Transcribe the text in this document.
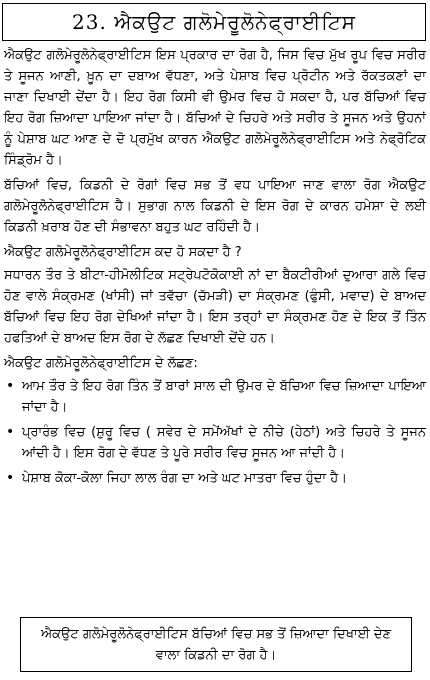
23. ਐਕਉਟ ਗਲੋਮੇਰੂਲੋਨੇਫ੍ਰਾਈਟਿਸ

ਐਕਉਟ ਗਲੋਮੇਰੂਲੋਨੇਫ੍ਰਾਈਟਿਸ ਇਸ ਪ੍ਰਕਾਰ ਦਾ ਰੋਗ ਹੈ, ਜਿਸ ਵਿਚ ਮੁੱਖ ਰੂਪ ਵਿਚ ਸਰੀਰ ਤੇ ਸੂਜਨ ਆਣੀ, ਖ਼ੂਨ ਦਾ ਦਬਾਅ ਵੱਧਣਾ, ਅਤੇ ਪੇਸ਼ਾਬ ਵਿਚ ਪ੍ਰੋਟੀਨ ਅਤੇ ਰੱਕਤਕਣਾਂ ਦਾ ਜਾਣਾ ਦਿਖਾਈ ਦੇਂਦਾ ਹੈ। ਇਹ ਰੋਗ ਕਿਸੀ ਵੀ ਉਮਰ ਵਿਚ ਹੋ ਸਕਦਾ ਹੈ, ਪਰ ਬੱਚਿਆਂ ਵਿਚ ਇਹ ਰੋਗ ਜ਼ਿਆਦਾ ਪਾਇਆ ਜਾਂਦਾ ਹੈ। ਬੱਚਿਆਂ ਦੇ ਚਿਹਰੇ ਅਤੇ ਸਰੀਰ ਤੇ ਸੂਜਨ ਅਤੇ ਉਹਨਾਂ ਨੂੰ ਪੇਸ਼ਾਬ ਘਟ ਆਣ ਦੇ ਦੋ ਪ੍ਰਮੁੱਖ ਕਾਰਨ ਐਕਉਟ ਗਲੋਮੇਰੂਲੋਨੇਫ੍ਰਾਈਟਿਸ ਅਤੇ ਨੇਫ੍ਰੋਟਿਕ ਸਿੰਡ੍ਰੋਮ ਹੈ।

ਬੱਚਿਆਂ ਵਿਚ, ਕਿਡਨੀ ਦੇ ਰੋਗਾਂ ਵਿਚ ਸਭ ਤੋਂ ਵਧ ਪਾਇਆ ਜਾਣ ਵਾਲਾ ਰੋਗ ਐਕਉਟ ਗਲੋਮੇਰੂਲੋਨੇਫ੍ਰਾਈਟਿਸ ਹੈ। ਸੁਭਾਗ ਨਾਲ ਕਿਡਨੀ ਦੇ ਇਸ ਰੋਗ ਦੇ ਕਾਰਨ ਹਮੇਸ਼ਾ ਦੇ ਲਈ ਕਿਡਨੀ ਖ਼ਰਾਬ ਹੋਣ ਦੀ ਸੰਭਾਵਨਾ ਬਹੁਤ ਘਟ ਰਹਿੰਦੀ ਹੈ।

ਐਕਉਟ ਗਲੋਮੇਰੂਲੋਨੇਫ੍ਰਾਈਟਿਸ ਕਦ ਹੋ ਸਕਦਾ ਹੈ ?

ਸਧਾਰਨ ਤੌਰ ਤੇ ਬੀਟਾ-ਹੀਮੋਲੀਟਿਕ ਸਟ੍ਰੇਪਟੋਕੋਕਾਈ ਨਾਂ ਦਾ ਬੈਕਟੀਰੀਆਂ ਦੁਆਰਾ ਗਲੇ ਵਿਚ ਹੋਣ ਵਾਲੇ ਸੰਕ੍ਰਮਣ (ਖਾਂਸੀ) ਜਾਂ ਤਵੱਚਾ (ਚੱਮੜੀ) ਦਾ ਸੰਕ੍ਰਮਣ (ਫੁੰਸੀ, ਮਵਾਦ) ਦੇ ਬਾਅਦ ਬੱਚਿਆਂ ਵਿਚ ਇਹ ਰੋਗ ਦੇਖਿਆਂ ਜਾਂਦਾ ਹੈ। ਇਸ ਤਰ੍ਹਾਂ ਦਾ ਸੰਕ੍ਰਮਣ ਹੋਣ ਦੇ ਇਕ ਤੋਂ ਤਿੰਨ ਹਫਤਿਆਂ ਦੇ ਬਾਅਦ ਇਸ ਰੋਗ ਦੇ ਲੱਛਣ ਦਿਖਾਈ ਦੇਂਦੇ ਹਨ।

ਐਕਉਟ ਗਲੋਮੇਰੂਲੋਨੇਫ੍ਰਾਈਟਿਸ ਦੇ ਲੱਛਣ:

• ਆਮ ਤੌਰ ਤੇ ਇਹ ਰੋਗ ਤਿੰਨ ਤੋਂ ਬਾਰਾਂ ਸਾਲ ਦੀ ਉਮਰ ਦੇ ਬੱਚਿਆ ਵਿਚ ਜ਼ਿਆਦਾ ਪਾਇਆ ਜਾਂਦਾ ਹੈ।
• ਪ੍ਰਾਰੰਭ ਵਿਚ (ਸ਼ੁਰੂ ਵਿਚ ( ਸਵੇਰ ਦੇ ਸਮੇਂਅੱਖਾਂ ਦੇ ਨੀਚੇ (ਹੇਠਾਂ) ਅਤੇ ਚਿਹਰੇ ਤੇ ਸੂਜਨ ਆਂਦੀ ਹੈ। ਇਸ ਰੋਗ ਦੇ ਵੱਧਣ ਤੇ ਪੂਰੇ ਸਰੀਰ ਵਿਚ ਸੂਜਨ ਆ ਜਾਂਦੀ ਹੈ।
• ਪੇਸ਼ਾਬ ਕੋਕਾ-ਕੋਲਾ ਜਿਹਾ ਲਾਲ ਰੰਗ ਦਾ ਅਤੇ ਘਟ ਮਾਤਰਾ ਵਿਚ ਹੁੰਦਾ ਹੈ।
ਐਕਉਟ ਗਲੋਮੇਰੂਲੋਨੇਫ੍ਰਾਈਟਿਸ ਬੱਚਿਆਂ ਵਿਚ ਸਭ ਤੋਂ ਜ਼ਿਆਦਾ ਦਿਖਾਈ ਦੇਣ ਵਾਲਾ ਕਿਡਨੀ ਦਾ ਰੋਗ ਹੈ।
